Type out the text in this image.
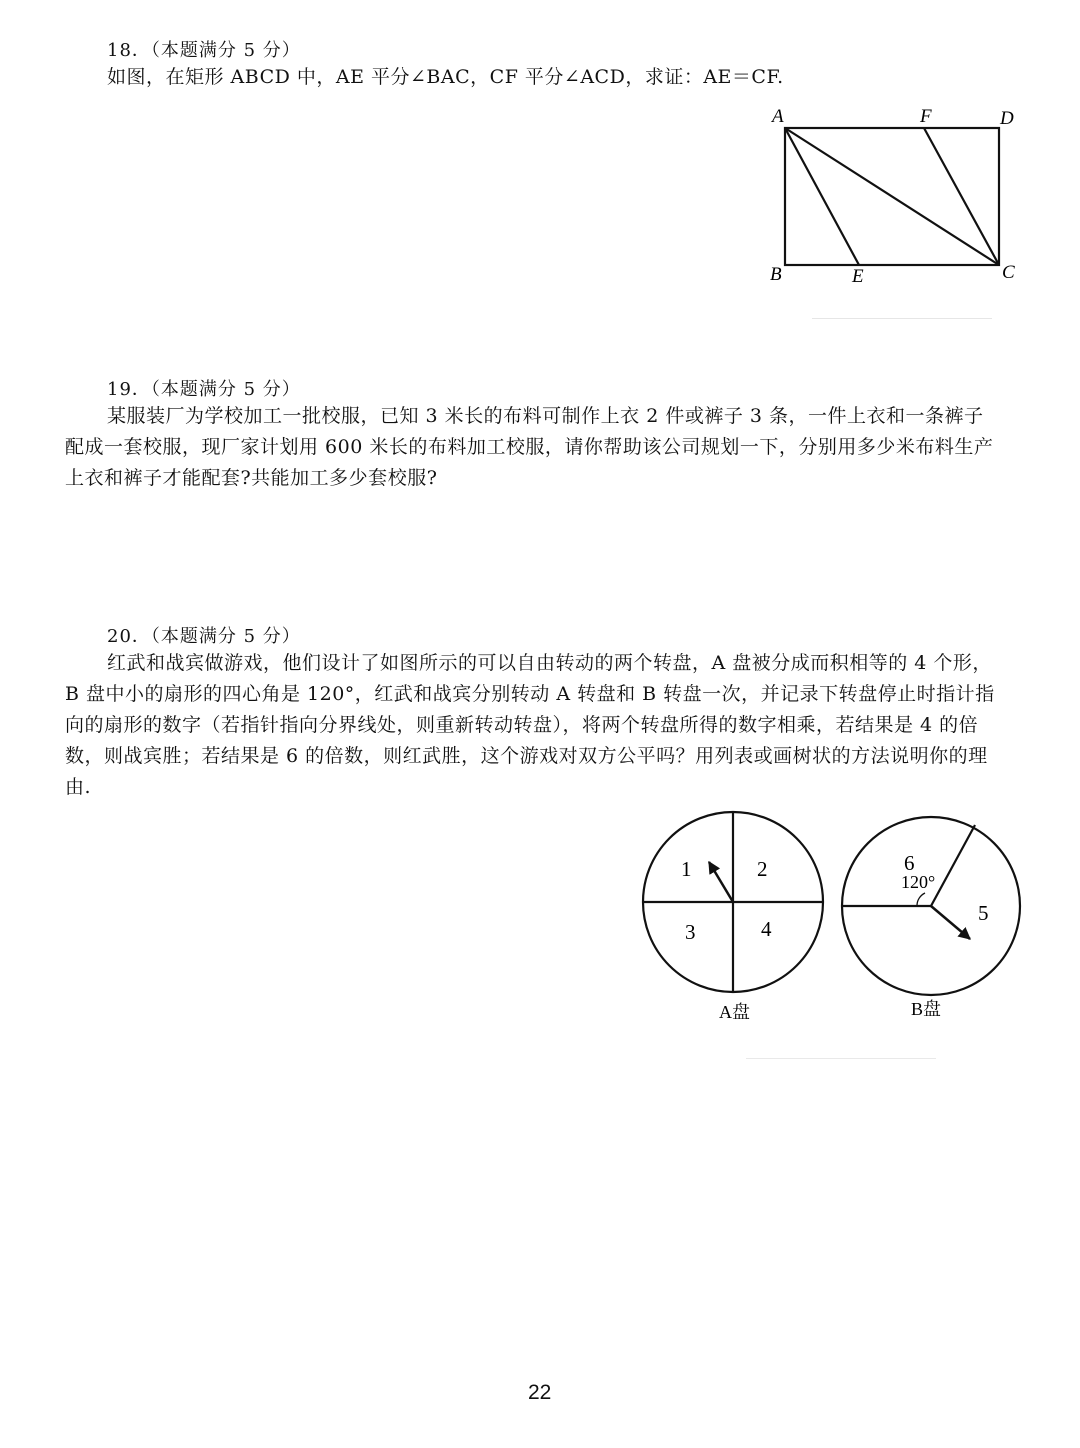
18．（本题满分 5 分）
如图，在矩形 ABCD 中，AE 平分∠BAC，CF 平分∠ACD，求证：AE＝CF.
A	F	D
B	E	C
19．（本题满分 5 分）
某服装厂为学校加工一批校服，已知 3 米长的布料可制作上衣 2 件或裤子 3 条，一件上衣和一条裤子
配成一套校服，现厂家计划用 600 米长的布料加工校服，请你帮助该公司规划一下，分别用多少米布料生产
上衣和裤子才能配套?共能加工多少套校服?
20．（本题满分 5 分）
红武和战宾做游戏，他们设计了如图所示的可以自由转动的两个转盘，A 盘被分成而积相等的 4 个形，
B 盘中小的扇形的四心角是 120°，红武和战宾分别转动 A 转盘和 B 转盘一次，并记录下转盘停止时指计指
向的扇形的数字（若指针指向分界线处，则重新转动转盘），将两个转盘所得的数字相乘，若结果是 4 的倍
数，则战宾胜；若结果是 6 的倍数，则红武胜，这个游戏对双方公平吗？用列表或画树状的方法说明你的理
由.
1	2
3	4
A盘
6
120°
5
B盘
22
